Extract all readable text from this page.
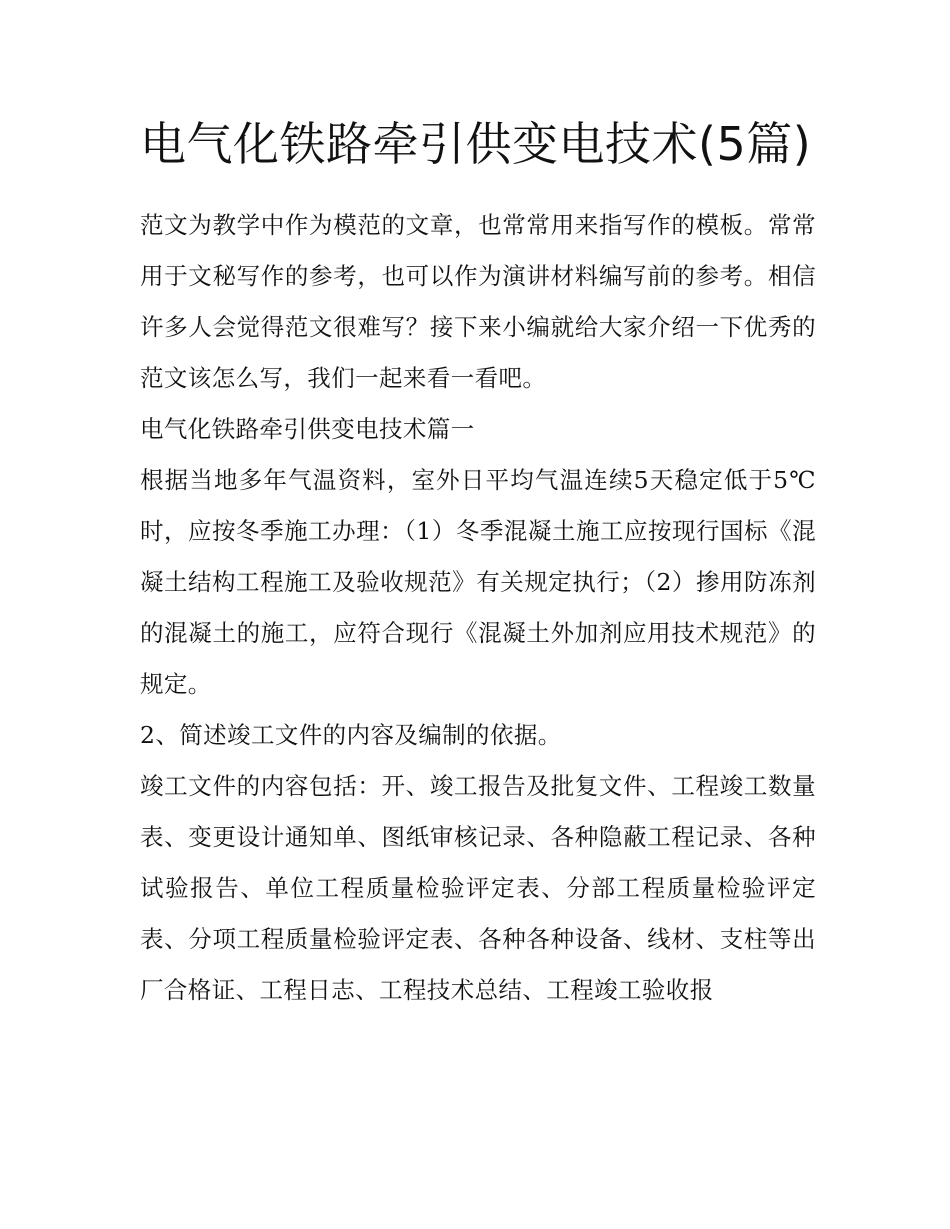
电气化铁路牵引供变电技术(5篇)

范文为教学中作为模范的文章，也常常用来指写作的模板。常常用于文秘写作的参考，也可以作为演讲材料编写前的参考。相信许多人会觉得范文很难写？接下来小编就给大家介绍一下优秀的范文该怎么写，我们一起来看一看吧。

电气化铁路牵引供变电技术篇一

根据当地多年气温资料，室外日平均气温连续5天稳定低于5℃时，应按冬季施工办理：（1）冬季混凝土施工应按现行国标《混凝土结构工程施工及验收规范》有关规定执行；（2）掺用防冻剂的混凝土的施工，应符合现行《混凝土外加剂应用技术规范》的规定。

2、简述竣工文件的内容及编制的依据。

竣工文件的内容包括：开、竣工报告及批复文件、工程竣工数量表、变更设计通知单、图纸审核记录、各种隐蔽工程记录、各种试验报告、单位工程质量检验评定表、分部工程质量检验评定表、分项工程质量检验评定表、各种各种设备、线材、支柱等出厂合格证、工程日志、工程技术总结、工程竣工验收报
